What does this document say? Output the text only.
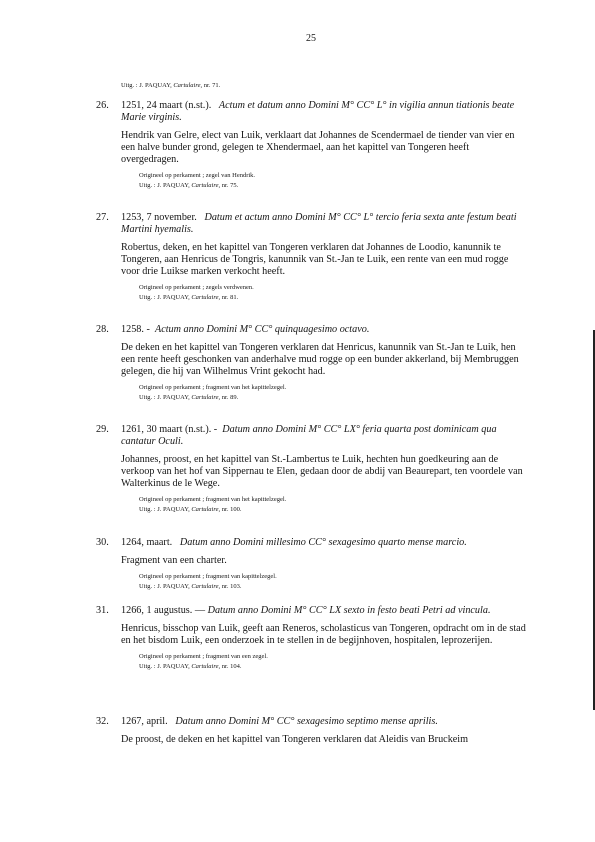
25
Uitg. : J. PAQUAY, Cartulaire, nr. 71.
26. 1251, 24 maart (n.st.). Actum et datum anno Domini M° CC° L° in vigilia annun tiationis beate Marie virginis.
Hendrik van Gelre, elect van Luik, verklaart dat Johannes de Scendermael de tiender van vier en een halve bunder grond, gelegen te Xhendermael, aan het kapittel van Tongeren heeft overgedragen.
Origineel op perkament ; zegel van Hendrik.
Uitg. : J. PAQUAY, Cartulaire, nr. 75.
27. 1253, 7 november. Datum et actum anno Domini M° CC° L° tercio feria sexta ante festum beati Martini hyemalis.
Robertus, deken, en het kapittel van Tongeren verklaren dat Johannes de Loodio, kanunnik te Tongeren, aan Henricus de Tongris, kanunnik van St.-Jan te Luik, een rente van een mud rogge voor drie Luikse marken verkocht heeft.
Origineel op perkament ; zegels verdwenen.
Uitg. : J. PAQUAY, Cartulaire, nr. 81.
28. 1258. - Actum anno Domini M° CC° quinquagesimo octavo.
De deken en het kapittel van Tongeren verklaren dat Henricus, kanunnik van St.-Jan te Luik, hen een rente heeft geschonken van anderhalve mud rogge op een bunder akkerland, bij Membruggen gelegen, die hij van Wilhelmus Vrint gekocht had.
Origineel op perkament ; fragment van het kapittelzegel.
Uitg. : J. PAQUAY, Cartulaire, nr. 89.
29. 1261, 30 maart (n.st.). - Datum anno Domini M° CC° LX° feria quarta post dominicam qua cantatur Oculi.
Johannes, proost, en het kapittel van St.-Lambertus te Luik, hechten hun goedkeuring aan de verkoop van het hof van Sippernau te Elen, gedaan door de abdij van Beaurepart, ten voordele van Walterkinus de le Wege.
Origineel op perkament ; fragment van het kapittelzegel.
Uitg. : J. PAQUAY, Cartulaire, nr. 100.
30. 1264, maart. Datum anno Domini millesimo CC° sexagesimo quarto mense marcio.
Fragment van een charter.
Origineel op perkament ; fragment van kapittelzegel.
Uitg. : J. PAQUAY, Cartulaire, nr. 103.
31. 1266, 1 augustus. — Datum anno Domini M° CC° LX sexto in festo beati Petri ad vincula.
Henricus, bisschop van Luik, geeft aan Reneros, scholasticus van Tongeren, opdracht om in de stad en het bisdom Luik, een onderzoek in te stellen in de begijnhoven, hospitalen, leprozerijen.
Origineel op perkament ; fragment van een zegel.
Uitg. : J. PAQUAY, Cartulaire, nr. 104.
32. 1267, april. Datum anno Domini M° CC° sexagesimo septimo mense aprilis.
De proost, de deken en het kapittel van Tongeren verklaren dat Aleidis van Bruckeim
